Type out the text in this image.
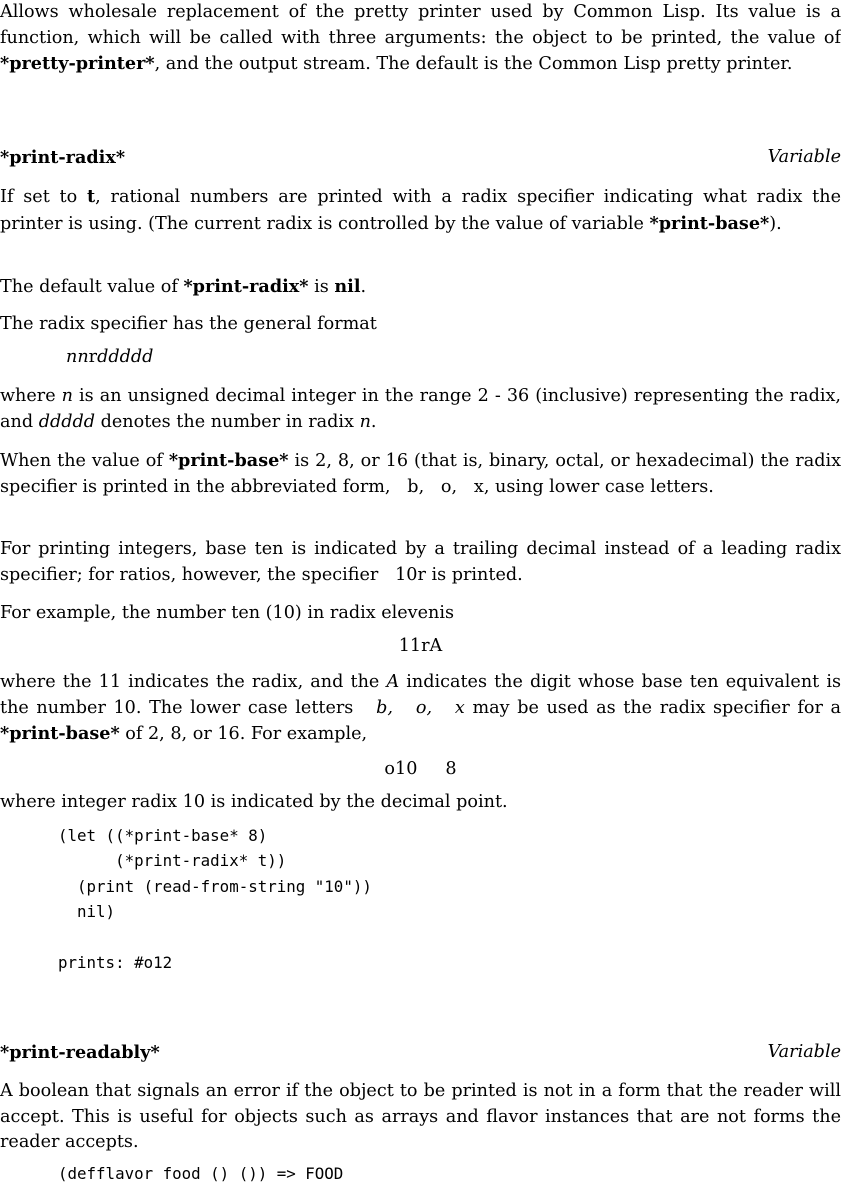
Allows wholesale replacement of the pretty printer used by Common Lisp. Its value is a function, which will be called with three arguments: the object to be printed, the value of *pretty-printer*, and the output stream. The default is the Common Lisp pretty printer.

*print-radix*	Variable

If set to t, rational numbers are printed with a radix specifier indicating what radix the printer is using. (The current radix is controlled by the value of variable *print-base*).

The default value of *print-radix* is nil.

The radix specifier has the general format

nnrddddd

where n is an unsigned decimal integer in the range 2 - 36 (inclusive) representing the radix, and ddddd denotes the number in radix n.

When the value of *print-base* is 2, 8, or 16 (that is, binary, octal, or hexadecimal) the radix specifier is printed in the abbreviated form,   b,   o,   x, using lower case letters.

For printing integers, base ten is indicated by a trailing decimal instead of a leading radix specifier; for ratios, however, the specifier   10r is printed.

For example, the number ten (10) in radix elevenis

11rA

where the 11 indicates the radix, and the A indicates the digit whose base ten equivalent is the number 10. The lower case letters   b,   o,   x may be used as the radix specifier for a *print-base* of 2, 8, or 16. For example,

o10     8

where integer radix 10 is indicated by the decimal point.

(let ((*print-base* 8)
(*print-radix* t))
(print (read-from-string "10"))
nil)

prints: #o12
*print-readably*	Variable

A boolean that signals an error if the object to be printed is not in a form that the reader will accept. This is useful for objects such as arrays and flavor instances that are not forms the reader accepts.

(defflavor food () ()) => FOOD
